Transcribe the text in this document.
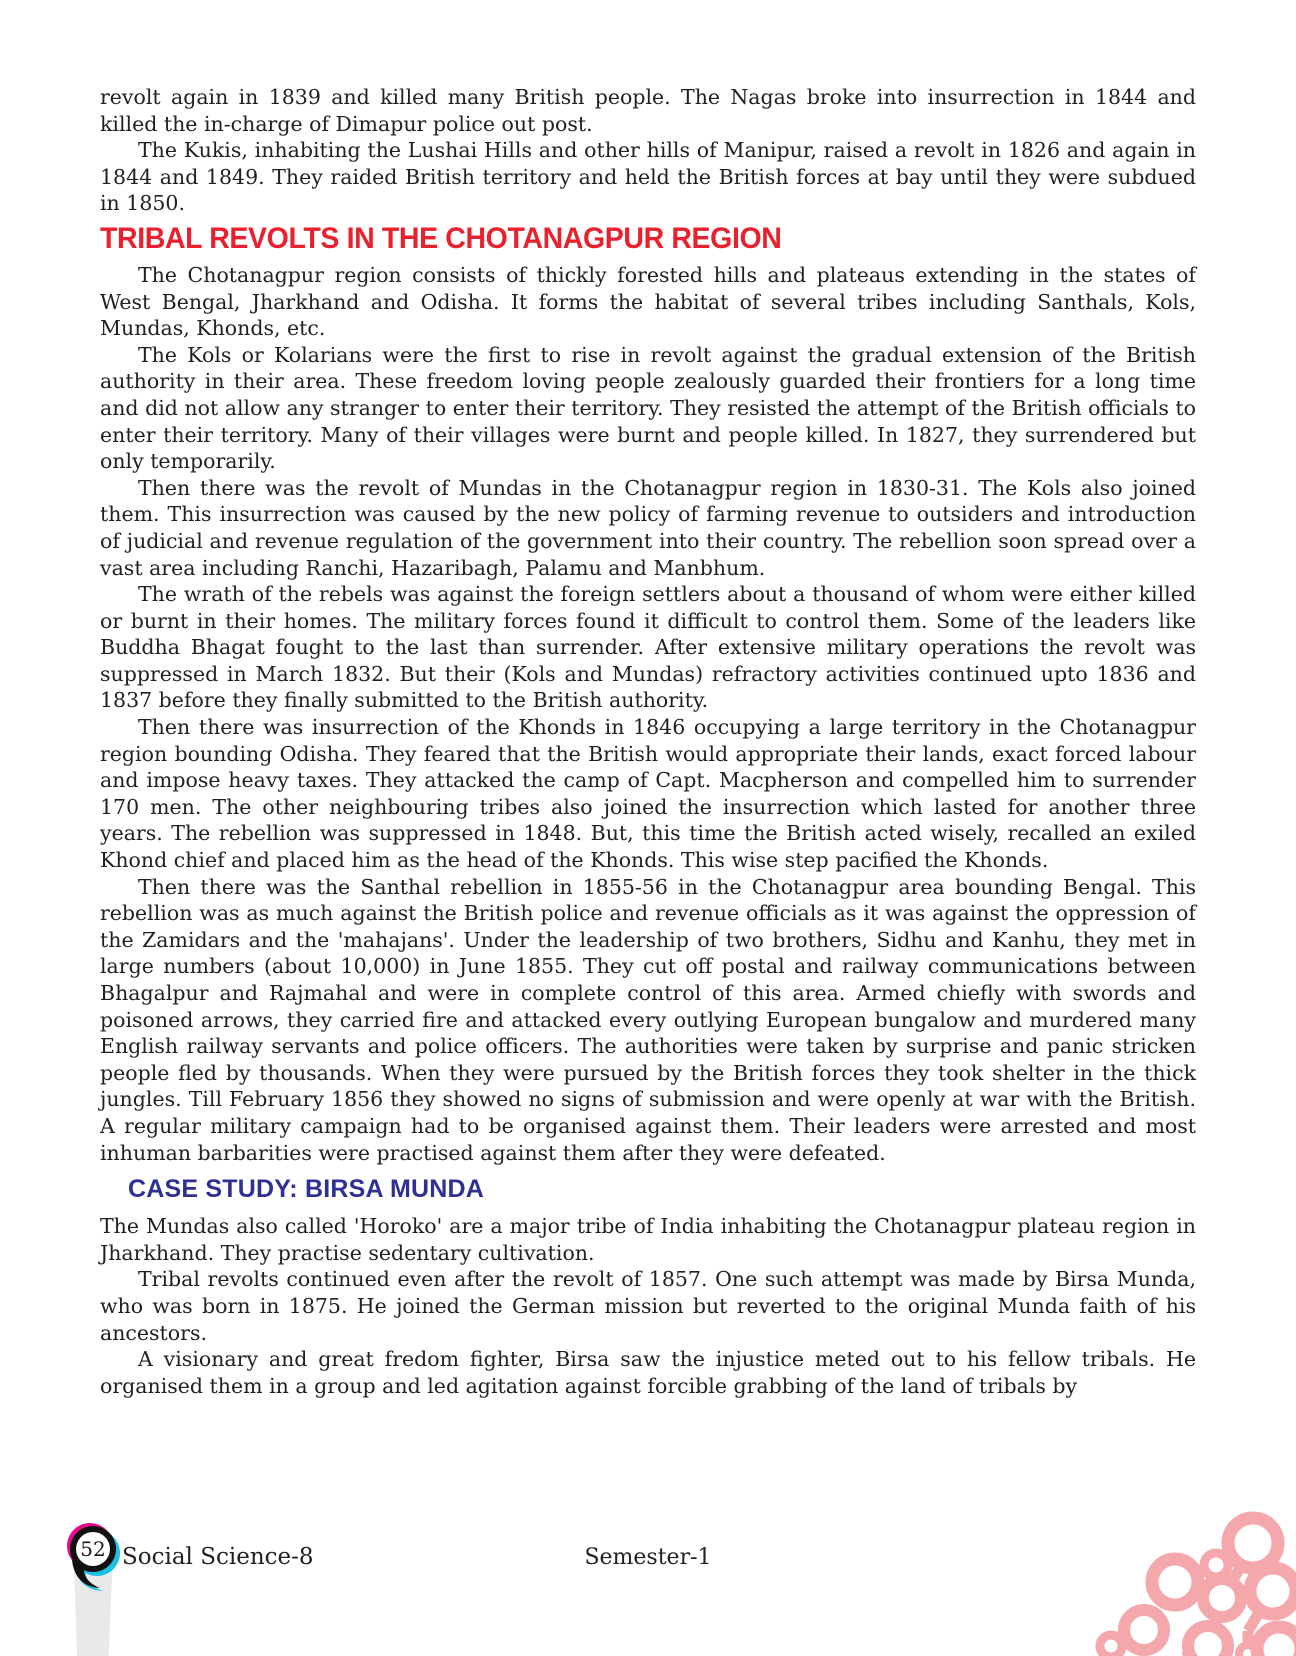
revolt again in 1839 and killed many British people. The Nagas broke into insurrection in 1844 and killed the in-charge of Dimapur police out post.

The Kukis, inhabiting the Lushai Hills and other hills of Manipur, raised a revolt in 1826 and again in 1844 and 1849. They raided British territory and held the British forces at bay until they were subdued in 1850.

TRIBAL REVOLTS IN THE CHOTANAGPUR REGION

The Chotanagpur region consists of thickly forested hills and plateaus extending in the states of West Bengal, Jharkhand and Odisha. It forms the habitat of several tribes including Santhals, Kols, Mundas, Khonds, etc.

The Kols or Kolarians were the first to rise in revolt against the gradual extension of the British authority in their area. These freedom loving people zealously guarded their frontiers for a long time and did not allow any stranger to enter their territory. They resisted the attempt of the British officials to enter their territory. Many of their villages were burnt and people killed. In 1827, they surrendered but only temporarily.

Then there was the revolt of Mundas in the Chotanagpur region in 1830-31. The Kols also joined them. This insurrection was caused by the new policy of farming revenue to outsiders and introduction of judicial and revenue regulation of the government into their country. The rebellion soon spread over a vast area including Ranchi, Hazaribagh, Palamu and Manbhum.

The wrath of the rebels was against the foreign settlers about a thousand of whom were either killed or burnt in their homes. The military forces found it difficult to control them. Some of the leaders like Buddha Bhagat fought to the last than surrender. After extensive military operations the revolt was suppressed in March 1832. But their (Kols and Mundas) refractory activities continued upto 1836 and 1837 before they finally submitted to the British authority.

Then there was insurrection of the Khonds in 1846 occupying a large territory in the Chotanagpur region bounding Odisha. They feared that the British would appropriate their lands, exact forced labour and impose heavy taxes. They attacked the camp of Capt. Macpherson and compelled him to surrender 170 men. The other neighbouring tribes also joined the insurrection which lasted for another three years. The rebellion was suppressed in 1848. But, this time the British acted wisely, recalled an exiled Khond chief and placed him as the head of the Khonds. This wise step pacified the Khonds.

Then there was the Santhal rebellion in 1855-56 in the Chotanagpur area bounding Bengal. This rebellion was as much against the British police and revenue officials as it was against the oppression of the Zamidars and the 'mahajans'. Under the leadership of two brothers, Sidhu and Kanhu, they met in large numbers (about 10,000) in June 1855. They cut off postal and railway communications between Bhagalpur and Rajmahal and were in complete control of this area. Armed chiefly with swords and poisoned arrows, they carried fire and attacked every outlying European bungalow and murdered many English railway servants and police officers. The authorities were taken by surprise and panic stricken people fled by thousands. When they were pursued by the British forces they took shelter in the thick jungles. Till February 1856 they showed no signs of submission and were openly at war with the British. A regular military campaign had to be organised against them. Their leaders were arrested and most inhuman barbarities were practised against them after they were defeated.

CASE STUDY: BIRSA MUNDA

The Mundas also called 'Horoko' are a major tribe of India inhabiting the Chotanagpur plateau region in Jharkhand. They practise sedentary cultivation.

Tribal revolts continued even after the revolt of 1857. One such attempt was made by Birsa Munda, who was born in 1875. He joined the German mission but reverted to the original Munda faith of his ancestors.

A visionary and great fredom fighter, Birsa saw the injustice meted out to his fellow tribals. He organised them in a group and led agitation against forcible grabbing of the land of tribals by

52 Social Science-8	Semester-1
